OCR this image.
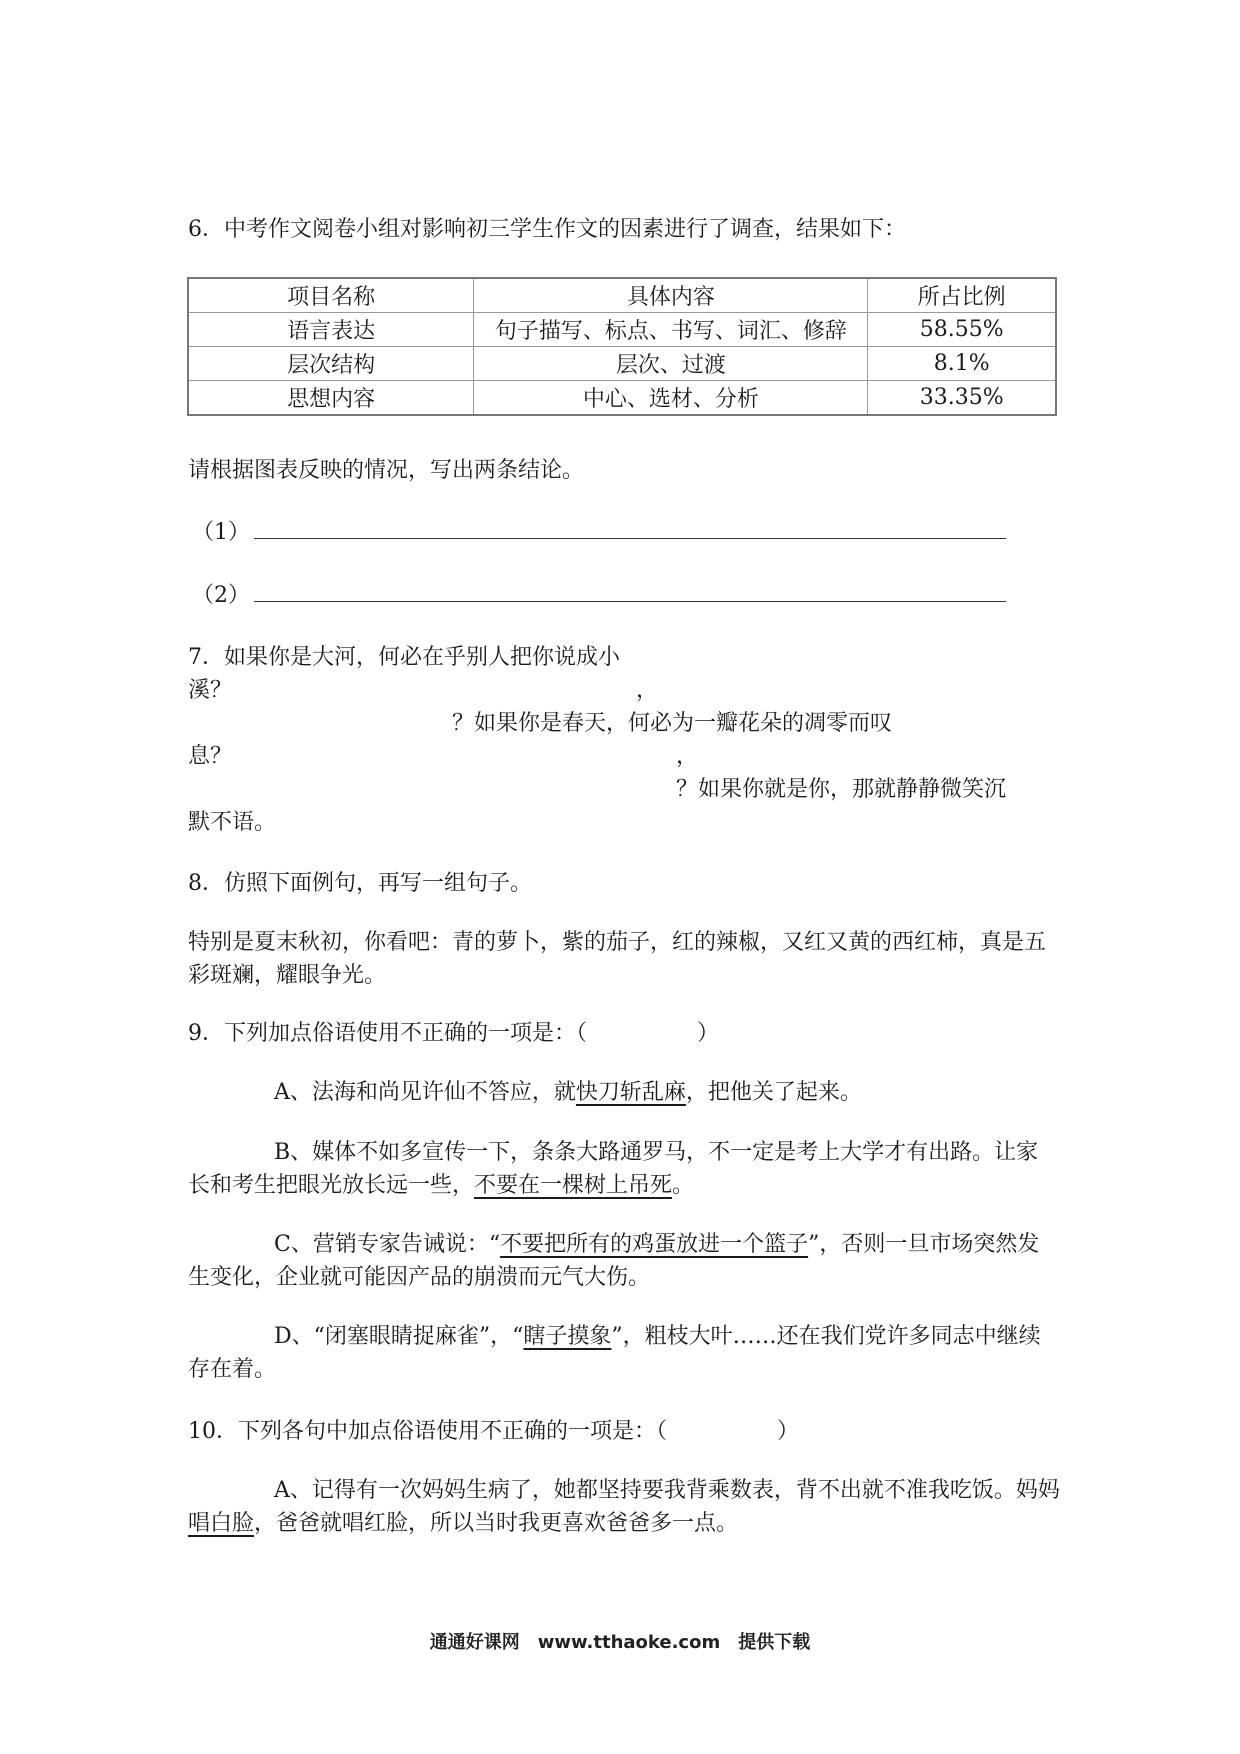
6．中考作文阅卷小组对影响初三学生作文的因素进行了调查，结果如下：
项目名称	具体内容	所占比例
语言表达	句子描写、标点、书写、词汇、修辞	58.55%
层次结构	层次、过渡	8.1%
思想内容	中心、选材、分析	33.35%
请根据图表反映的情况，写出两条结论。
（1）
（2）
7．如果你是大河，何必在乎别人把你说成小
溪？	，
？如果你是春天，何必为一瓣花朵的凋零而叹
息？	，
？如果你就是你，那就静静微笑沉
默不语。
8．仿照下面例句，再写一组句子。
特别是夏末秋初，你看吧：青的萝卜，紫的茄子，红的辣椒，又红又黄的西红柿，真是五彩斑斓，耀眼争光。
9．下列加点俗语使用不正确的一项是：（　　　　　）
A、法海和尚见许仙不答应，就快刀斩乱麻，把他关了起来。
B、媒体不如多宣传一下，条条大路通罗马，不一定是考上大学才有出路。让家长和考生把眼光放长远一些，不要在一棵树上吊死。
C、营销专家告诫说：“不要把所有的鸡蛋放进一个篮子”，否则一旦市场突然发生变化，企业就可能因产品的崩溃而元气大伤。
D、“闭塞眼睛捉麻雀”，“瞎子摸象”，粗枝大叶……还在我们党许多同志中继续存在着。
10．下列各句中加点俗语使用不正确的一项是：（　　　　　）
A、记得有一次妈妈生病了，她都坚持要我背乘数表，背不出就不准我吃饭。妈妈唱白脸，爸爸就唱红脸，所以当时我更喜欢爸爸多一点。
通通好课网　www.tthaoke.com　提供下载
